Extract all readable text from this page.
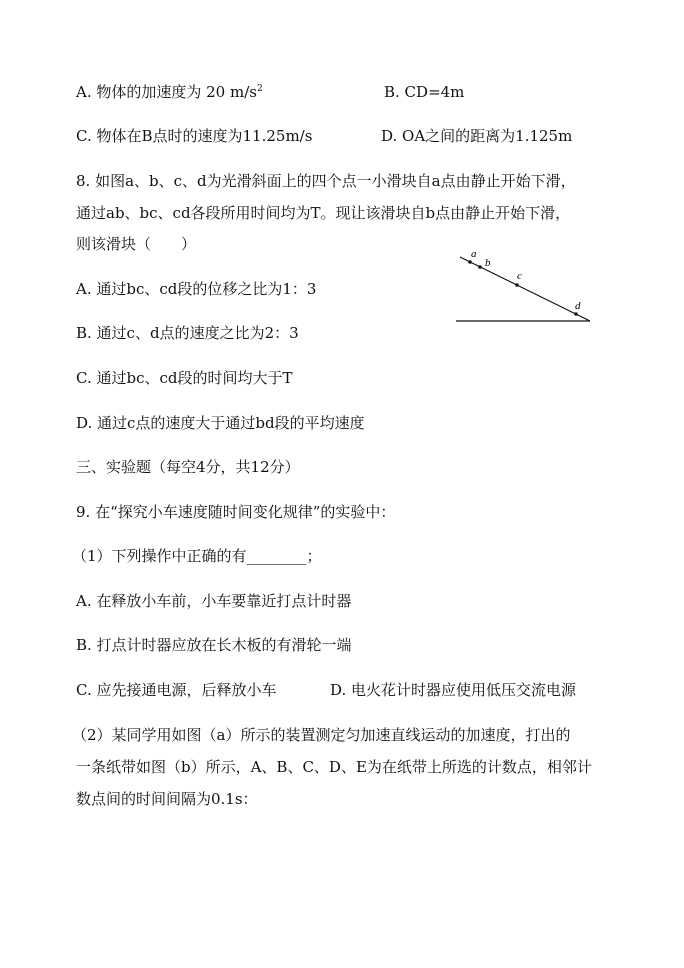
A. 物体的加速度为 20 $m/s^2$	B. CD=4m
C. 物体在B点时的速度为11.25m/s	D. OA之间的距离为1.125m
8. 如图a、b、c、d为光滑斜面上的四个点一小滑块自a点由静止开始下滑，
通过ab、bc、cd各段所用时间均为T。现让该滑块自b点由静止开始下滑，
则该滑块（　　）
A. 通过bc、cd段的位移之比为1：3
B. 通过c、d点的速度之比为2：3
C. 通过bc、cd段的时间均大于T
D. 通过c点的速度大于通过bd段的平均速度
a
b
c
d
三、实验题（每空4分，共12分）
9. 在“探究小车速度随时间变化规律”的实验中：
（1）下列操作中正确的有________；
A. 在释放小车前，小车要靠近打点计时器
B. 打点计时器应放在长木板的有滑轮一端
C. 应先接通电源，后释放小车	D. 电火花计时器应使用低压交流电源
（2）某同学用如图（a）所示的装置测定匀加速直线运动的加速度，打出的
一条纸带如图（b）所示，A、B、C、D、E为在纸带上所选的计数点，相邻计
数点间的时间间隔为0.1s：
